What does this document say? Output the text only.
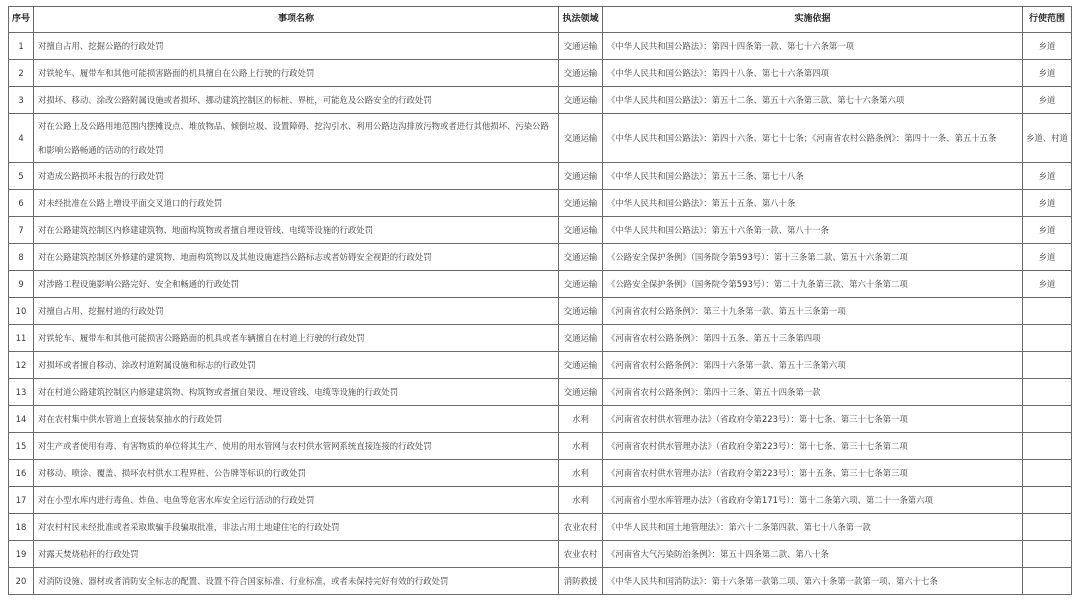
序号	事项名称	执法领域	实施依据	行使范围
1	对擅自占用、挖掘公路的行政处罚	交通运输	《中华人民共和国公路法》：第四十四条第一款、第七十六条第一项	乡道
2	对铁轮车、履带车和其他可能损害路面的机具擅自在公路上行驶的行政处罚	交通运输	《中华人民共和国公路法》：第四十八条、第七十六条第四项	乡道
3	对损坏、移动、涂改公路附属设施或者损坏、挪动建筑控制区的标桩、界桩，可能危及公路安全的行政处罚	交通运输	《中华人民共和国公路法》：第五十二条、第五十六条第三款、第七十六条第六项	乡道
4	对在公路上及公路用地范围内摆摊设点、堆放物品、倾倒垃圾、设置障碍、挖沟引水、利用公路边沟排放污物或者进行其他损坏、污染公路和影响公路畅通的活动的行政处罚	交通运输	《中华人民共和国公路法》：第四十六条、第七十七条；《河南省农村公路条例》：第四十一条、第五十五条	乡道、村道
5	对造成公路损坏未报告的行政处罚	交通运输	《中华人民共和国公路法》：第五十三条、第七十八条	乡道
6	对未经批准在公路上增设平面交叉道口的行政处罚	交通运输	《中华人民共和国公路法》：第五十五条、第八十条	乡道
7	对在公路建筑控制区内修建建筑物、地面构筑物或者擅自埋设管线、电缆等设施的行政处罚	交通运输	《中华人民共和国公路法》：第五十六条第一款、第八十一条	乡道
8	对在公路建筑控制区外修建的建筑物、地面构筑物以及其他设施遮挡公路标志或者妨碍安全视距的行政处罚	交通运输	《公路安全保护条例》（国务院令第593号）：第十三条第二款、第五十六条第二项	乡道
9	对涉路工程设施影响公路完好、安全和畅通的行政处罚	交通运输	《公路安全保护条例》（国务院令第593号）：第二十九条第三款、第六十条第二项	乡道
10	对擅自占用、挖掘村道的行政处罚	交通运输	《河南省农村公路条例》：第三十九条第一款、第五十三条第一项	
11	对铁轮车、履带车和其他可能损害公路路面的机具或者车辆擅自在村道上行驶的行政处罚	交通运输	《河南省农村公路条例》：第四十五条、第五十三条第四项	
12	对损坏或者擅自移动、涂改村道附属设施和标志的行政处罚	交通运输	《河南省农村公路条例》：第四十六条第一款、第五十三条第六项	
13	对在村道公路建筑控制区内修建建筑物、构筑物或者擅自架设、埋设管线、电缆等设施的行政处罚	交通运输	《河南省农村公路条例》：第四十三条、第五十四条第一款	
14	对在农村集中供水管道上直接装泵抽水的行政处罚	水利	《河南省农村供水管理办法》（省政府令第223号）：第十七条、第三十七条第一项	
15	对生产或者使用有毒、有害物质的单位将其生产、使用的用水管网与农村供水管网系统直接连接的行政处罚	水利	《河南省农村供水管理办法》（省政府令第223号）：第十七条、第三十七条第二项	
16	对移动、喷涂、覆盖、损坏农村供水工程界桩、公告牌等标识的行政处罚	水利	《河南省农村供水管理办法》（省政府令第223号）：第十五条、第三十七条第三项	
17	对在小型水库内进行毒鱼、炸鱼、电鱼等危害水库安全运行活动的行政处罚	水利	《河南省小型水库管理办法》（省政府令第171号）：第十二条第六项、第二十一条第六项	
18	对农村村民未经批准或者采取欺骗手段骗取批准，非法占用土地建住宅的行政处罚	农业农村	《中华人民共和国土地管理法》：第六十二条第四款、第七十八条第一款	
19	对露天焚烧秸秆的行政处罚	农业农村	《河南省大气污染防治条例》：第五十四条第二款、第八十条	
20	对消防设施、器材或者消防安全标志的配置、设置不符合国家标准、行业标准，或者未保持完好有效的行政处罚	消防救援	《中华人民共和国消防法》：第十六条第一款第二项、第六十条第一款第一项、第六十七条	
